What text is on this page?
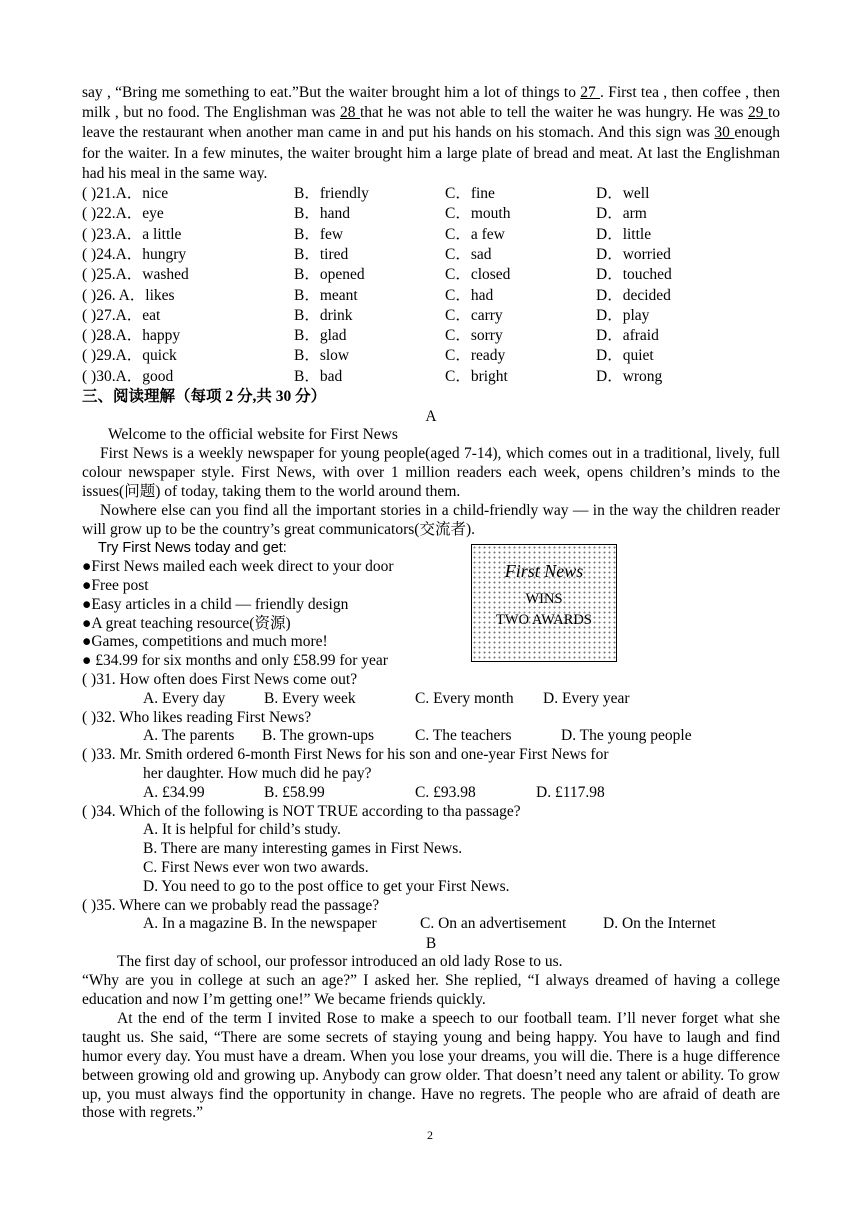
say , “Bring me something to eat.”But the waiter brought him a lot of things to 27 . First tea , then coffee , then milk , but no food. The Englishman was 28 that he was not able to tell the waiter he was hungry. He was 29 to leave the restaurant when another man came in and put his hands on his stomach. And this sign was 30 enough for the waiter. In a few minutes, the waiter brought him a large plate of bread and meat. At last the Englishman had his meal in the same way.

( )21.A．nice	B．friendly	C．fine	D．well
( )22.A．eye	B．hand	C．mouth	D．arm
( )23.A．a little	B．few	C．a few	D．little
( )24.A．hungry	B．tired	C．sad	D．worried
( )25.A．washed	B．opened	C．closed	D．touched
( )26. A．likes	B．meant	C．had	D．decided
( )27.A．eat	B．drink	C．carry	D．play
( )28.A．happy	B．glad	C．sorry	D．afraid
( )29.A．quick	B．slow	C．ready	D．quiet
( )30.A．good	B．bad	C．bright	D．wrong

三、阅读理解（每项 2 分,共 30 分）

A

Welcome to the official website for First News

First News is a weekly newspaper for young people(aged 7-14), which comes out in a traditional, lively, full colour newspaper style. First News, with over 1 million readers each week, opens children’s minds to the issues(问题) of today, taking them to the world around them.

Nowhere else can you find all the important stories in a child-friendly way — in the way the children reader will grow up to be the country’s great communicators(交流者).

Try First News today and get:

●First News mailed each week direct to your door

●Free post

●Easy articles in a child — friendly design

●A great teaching resource(资源)

●Games, competitions and much more!

● £34.99 for six months and only £58.99 for year

( )31. How often does First News come out?

A. Every day	B. Every week	C. Every month D. Every year

( )32. Who likes reading First News?

A. The parents B. The grown-ups	C. The teachers	D. The young people

( )33. Mr. Smith ordered 6-month First News for his son and one-year First News for

her daughter. How much did he pay?

A. £34.99	B. £58.99	C. £93.98	D. £117.98

( )34. Which of the following is NOT TRUE according to tha passage?

A. It is helpful for child’s study.

B. There are many interesting games in First News.

C. First News ever won two awards.

D. You need to go to the post office to get your First News.

( )35. Where can we probably read the passage?

A. In a magazine B. In the newspaper	C. On an advertisement D. On the Internet

B

The first day of school, our professor introduced an old lady Rose to us.

“Why are you in college at such an age?” I asked her. She replied, “I always dreamed of having a college education and now I’m getting one!” We became friends quickly.

At the end of the term I invited Rose to make a speech to our football team. I’ll never forget what she taught us. She said, “There are some secrets of staying young and being happy. You have to laugh and find humor every day. You must have a dream. When you lose your dreams, you will die. There is a huge difference between growing old and growing up. Anybody can grow older. That doesn’t need any talent or ability. To grow up, you must always find the opportunity in change. Have no regrets. The people who are afraid of death are those with regrets.”

First News
WINS
TWO AWARDS
2
